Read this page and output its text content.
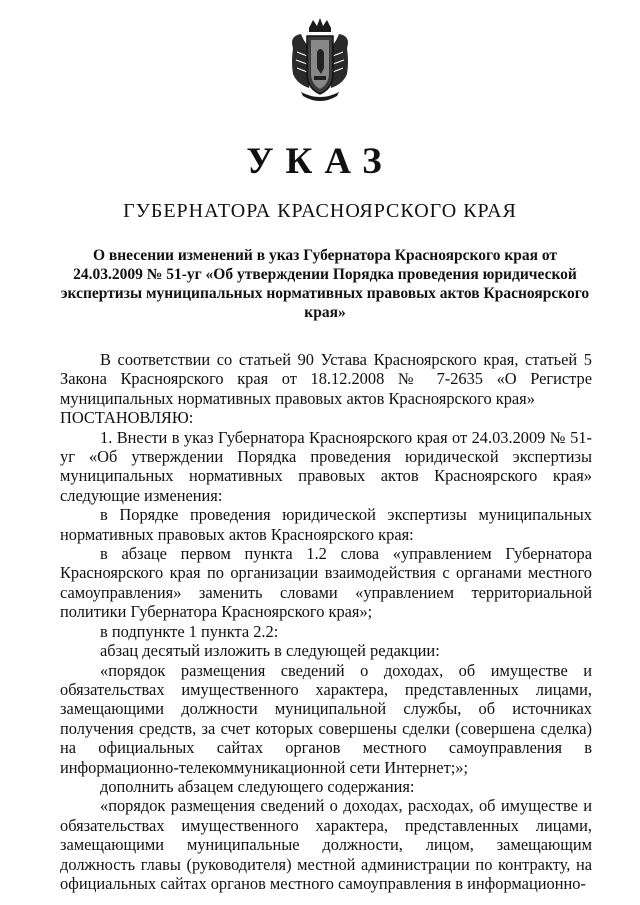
УКАЗ
ГУБЕРНАТОРА КРАСНОЯРСКОГО КРАЯ
О внесении изменений в указ Губернатора Красноярского края от 24.03.2009 № 51-уг «Об утверждении Порядка проведения юридической экспертизы муниципальных нормативных правовых актов Красноярского края»

В соответствии со статьей 90 Устава Красноярского края, статьей 5 Закона Красноярского края от 18.12.2008 № 7-2635 «О Регистре муниципальных нормативных правовых актов Красноярского края»

ПОСТАНОВЛЯЮ:

1. Внести в указ Губернатора Красноярского края от 24.03.2009 № 51-уг «Об утверждении Порядка проведения юридической экспертизы муниципальных нормативных правовых актов Красноярского края» следующие изменения:

в Порядке проведения юридической экспертизы муниципальных нормативных правовых актов Красноярского края:

в абзаце первом пункта 1.2 слова «управлением Губернатора Красноярского края по организации взаимодействия с органами местного самоуправления» заменить словами «управлением территориальной политики Губернатора Красноярского края»;

в подпункте 1 пункта 2.2:

абзац десятый изложить в следующей редакции:

«порядок размещения сведений о доходах, об имуществе и обязательствах имущественного характера, представленных лицами, замещающими должности муниципальной службы, об источниках получения средств, за счет которых совершены сделки (совершена сделка) на официальных сайтах органов местного самоуправления в информационно-телекоммуникационной сети Интернет;»;

дополнить абзацем следующего содержания:

«порядок размещения сведений о доходах, расходах, об имуществе и обязательствах имущественного характера, представленных лицами, замещающими муниципальные должности, лицом, замещающим должность главы (руководителя) местной администрации по контракту, на официальных сайтах органов местного самоуправления в информационно-
